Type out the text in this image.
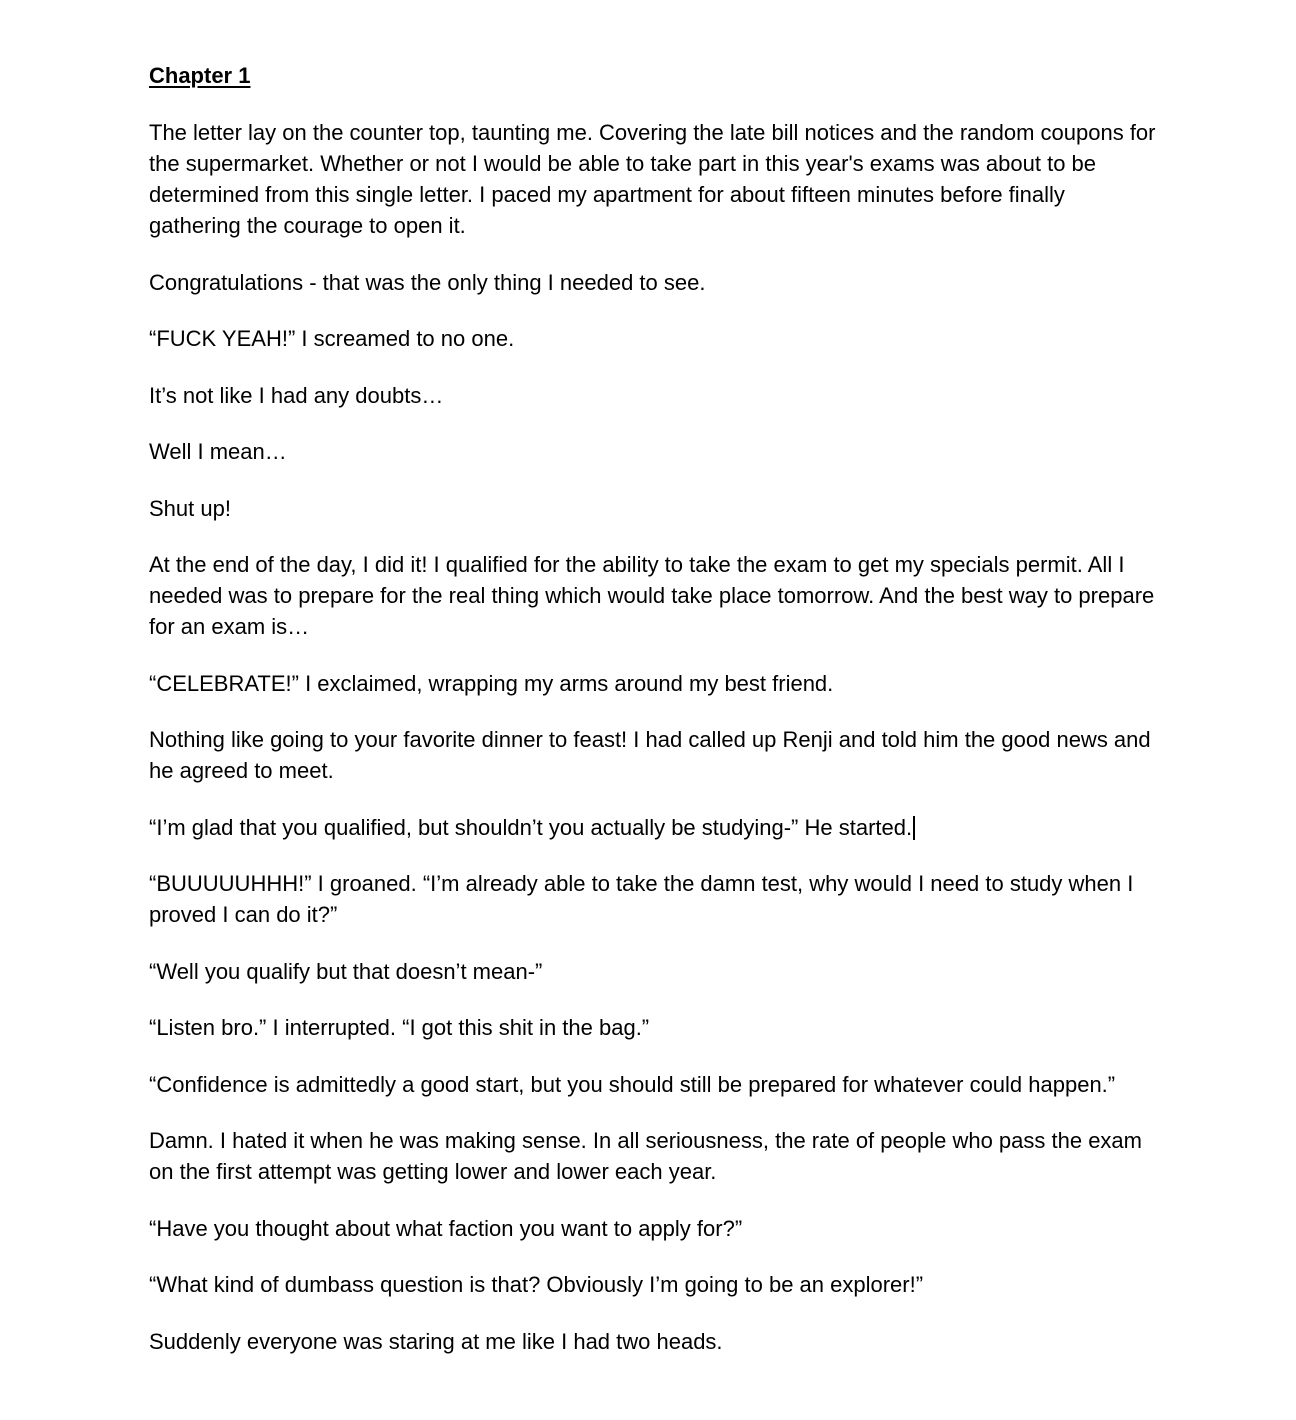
Chapter 1

The letter lay on the counter top, taunting me. Covering the late bill notices and the random coupons for the supermarket. Whether or not I would be able to take part in this year's exams was about to be determined from this single letter. I paced my apartment for about fifteen minutes before finally gathering the courage to open it.

Congratulations - that was the only thing I needed to see.

“FUCK YEAH!” I screamed to no one.

It’s not like I had any doubts…

Well I mean…

Shut up!

At the end of the day, I did it! I qualified for the ability to take the exam to get my specials permit. All I needed was to prepare for the real thing which would take place tomorrow. And the best way to prepare for an exam is…

“CELEBRATE!” I exclaimed, wrapping my arms around my best friend.

Nothing like going to your favorite dinner to feast! I had called up Renji and told him the good news and he agreed to meet.

“I’m glad that you qualified, but shouldn’t you actually be studying-” He started.

“BUUUUUHHH!” I groaned. “I’m already able to take the damn test, why would I need to study when I proved I can do it?”

“Well you qualify but that doesn’t mean-”

“Listen bro.” I interrupted. “I got this shit in the bag.”

“Confidence is admittedly a good start, but you should still be prepared for whatever could happen.”

Damn. I hated it when he was making sense. In all seriousness, the rate of people who pass the exam on the first attempt was getting lower and lower each year.

“Have you thought about what faction you want to apply for?”

“What kind of dumbass question is that? Obviously I’m going to be an explorer!”

Suddenly everyone was staring at me like I had two heads.
